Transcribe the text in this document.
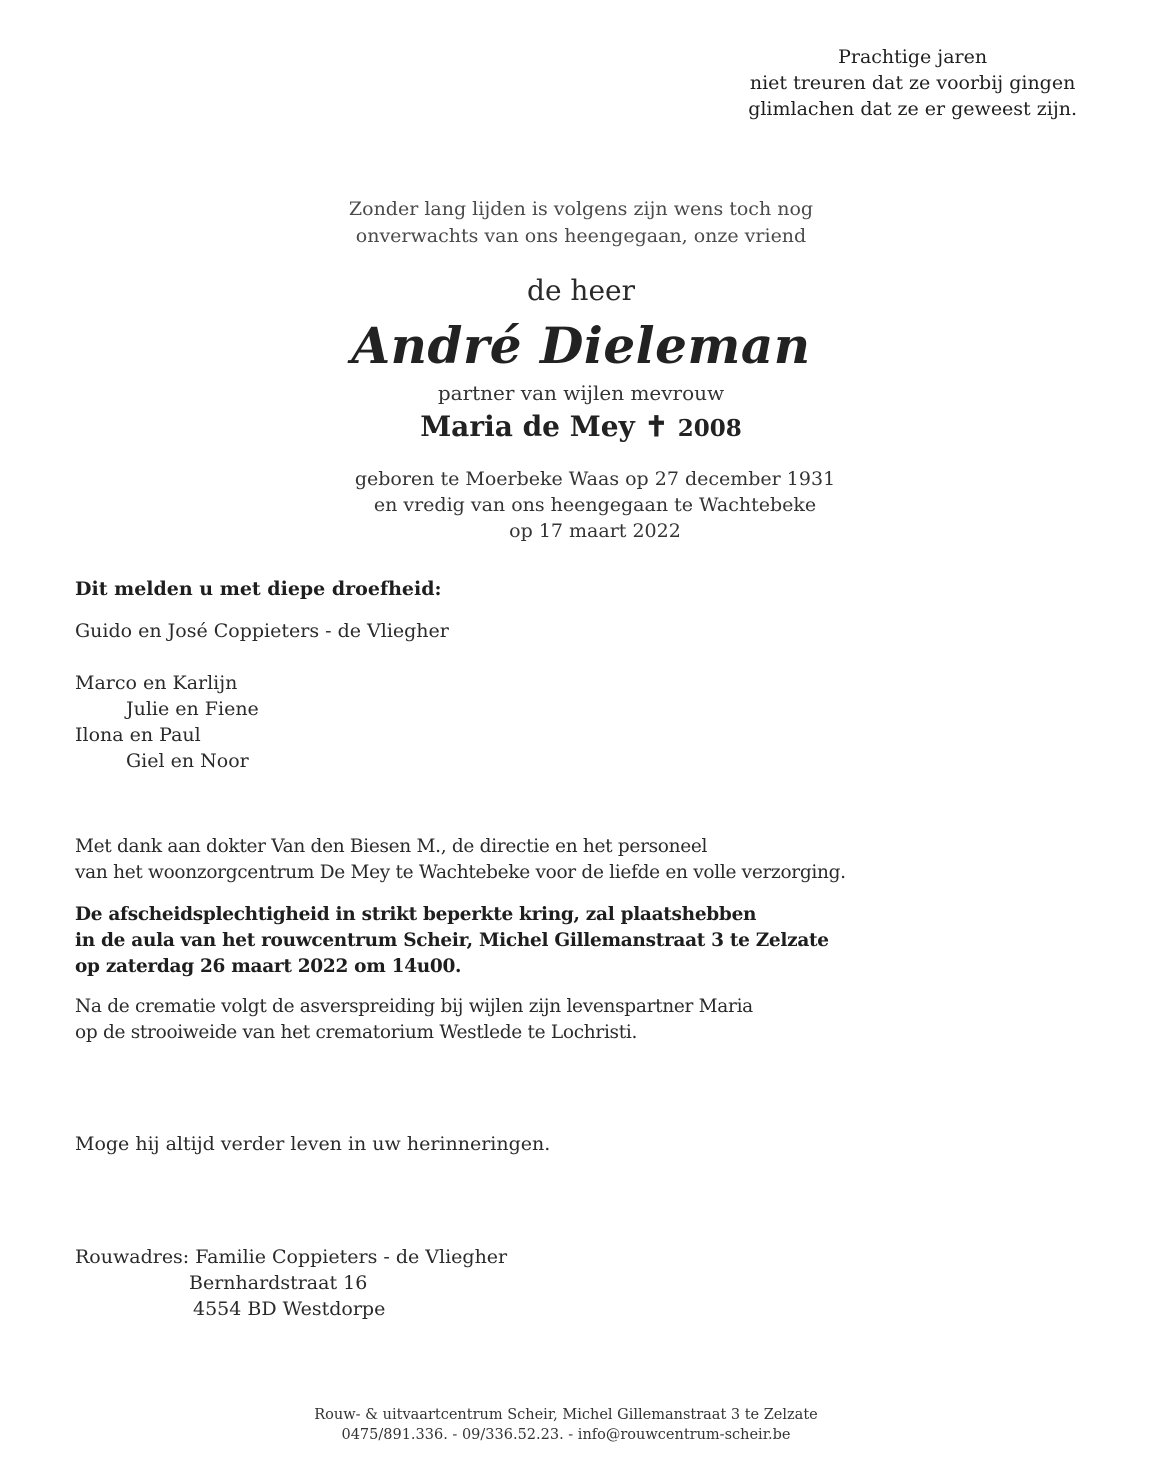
Prachtige jaren
niet treuren dat ze voorbij gingen
glimlachen dat ze er geweest zijn.
Zonder lang lijden is volgens zijn wens toch nog
onverwachts van ons heengegaan, onze vriend
de heer
André Dieleman
partner van wijlen mevrouw
Maria de Mey ✝ 2008
geboren te Moerbeke Waas op 27 december 1931
en vredig van ons heengegaan te Wachtebeke
op 17 maart 2022
Dit melden u met diepe droefheid:
Guido en José Coppieters - de Vliegher
Marco en Karlijn
Julie en Fiene
Ilona en Paul
Giel en Noor
Met dank aan dokter Van den Biesen M., de directie en het personeel
van het woonzorgcentrum De Mey te Wachtebeke voor de liefde en volle verzorging.
De afscheidsplechtigheid in strikt beperkte kring, zal plaatshebben
in de aula van het rouwcentrum Scheir, Michel Gillemanstraat 3 te Zelzate
op zaterdag 26 maart 2022 om 14u00.
Na de crematie volgt de asverspreiding bij wijlen zijn levenspartner Maria
op de strooiweide van het crematorium Westlede te Lochristi.
Moge hij altijd verder leven in uw herinneringen.
Rouwadres: Familie Coppieters - de Vliegher
Bernhardstraat 16
4554 BD Westdorpe
Rouw- & uitvaartcentrum Scheir, Michel Gillemanstraat 3 te Zelzate
0475/891.336. - 09/336.52.23. - info@rouwcentrum-scheir.be
